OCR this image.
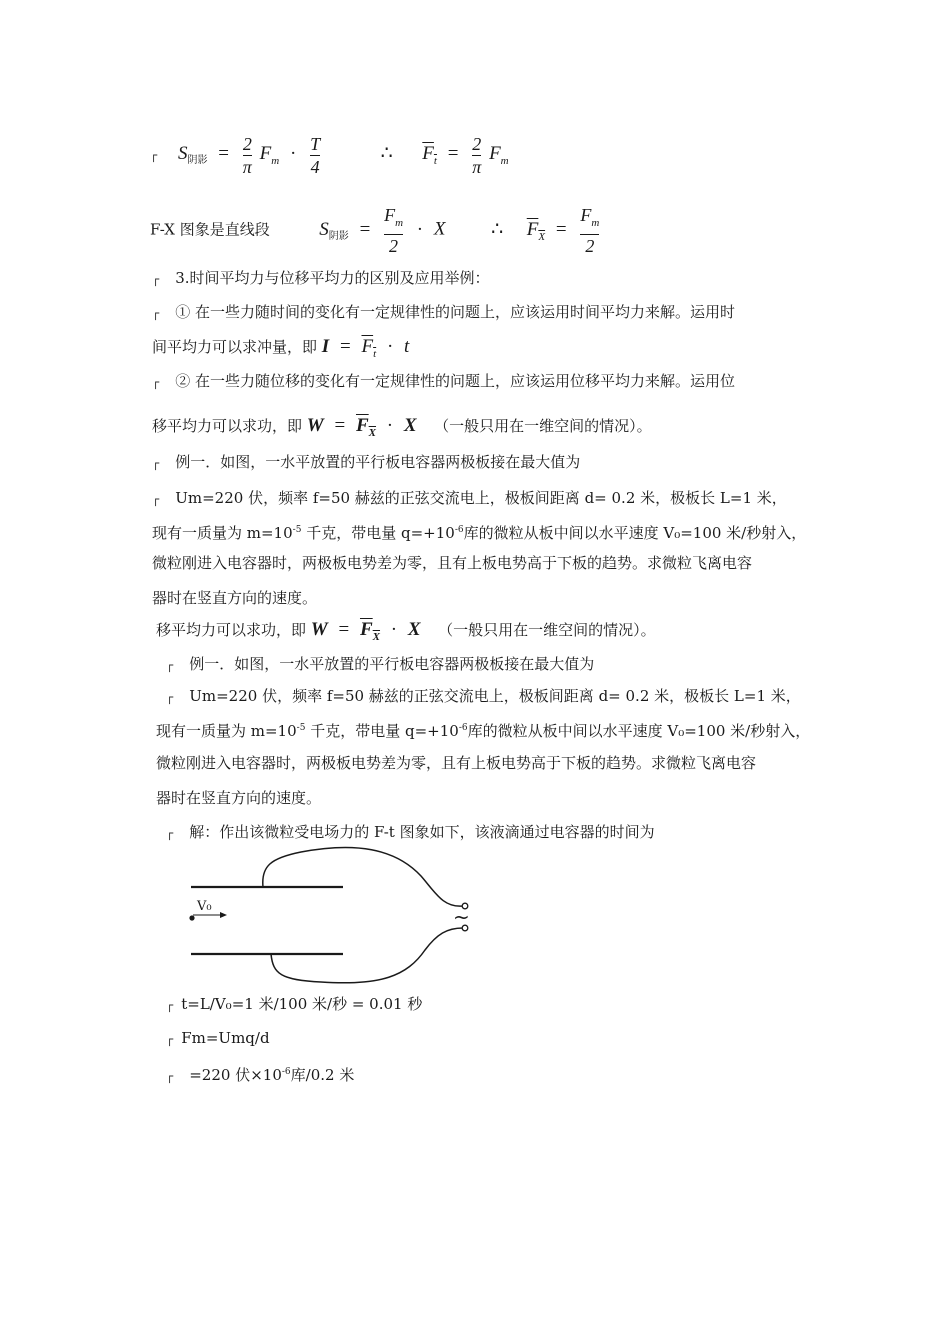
┌ $S_{阴影} = \frac{2}{\pi} F_m \cdot \frac{T}{4}$	∴ $F_t = \frac{2}{\pi} F_m$
F-X 图象是直线段	$S_{阴影} = \frac{F_m}{2} \cdot X$ ∴ $F_X = \frac{F_m}{2}$
┌ 3.时间平均力与位移平均力的区别及应用举例：
┌ ① 在一些力随时间的变化有一定规律性的问题上，应该运用时间平均力来解。运用时
间平均力可以求冲量，即 $I = F_t \cdot t$
┌ ② 在一些力随位移的变化有一定规律性的问题上，应该运用位移平均力来解。运用位
移平均力可以求功，即 $W = F_X \cdot X$ （一般只用在一维空间的情况）。
┌ 例一．如图，一水平放置的平行板电容器两极板接在最大值为
┌ Um=220 伏，频率 f=50 赫兹的正弦交流电上，极板间距离 d= 0.2 米，极板长 L=1 米，
现有一质量为 $m=10^{-5}$ 千克，带电量 $q=+10^{-6}$库的微粒从板中间以水平速度 V₀=100 米/秒射入，
微粒刚进入电容器时，两极板电势差为零，且有上板电势高于下板的趋势。求微粒飞离电容
器时在竖直方向的速度。
移平均力可以求功，即 $W = F_X \cdot X$ （一般只用在一维空间的情况）。
┌ 例一．如图，一水平放置的平行板电容器两极板接在最大值为
┌ Um=220 伏，频率 f=50 赫兹的正弦交流电上，极板间距离 d= 0.2 米，极板长 L=1 米，
现有一质量为 $m=10^{-5}$ 千克，带电量 $q=+10^{-6}$库的微粒从板中间以水平速度 V₀=100 米/秒射入，
微粒刚进入电容器时，两极板电势差为零，且有上板电势高于下板的趋势。求微粒飞离电容
器时在竖直方向的速度。
┌ 解：作出该微粒受电场力的 F-t 图象如下，该液滴通过电容器的时间为
~
V₀
┌ t=L/V₀=1 米/100 米/秒 = 0.01 秒
┌ Fm=Umq/d
┌ =220 伏$\times 10^{-6}$库/0.2 米
